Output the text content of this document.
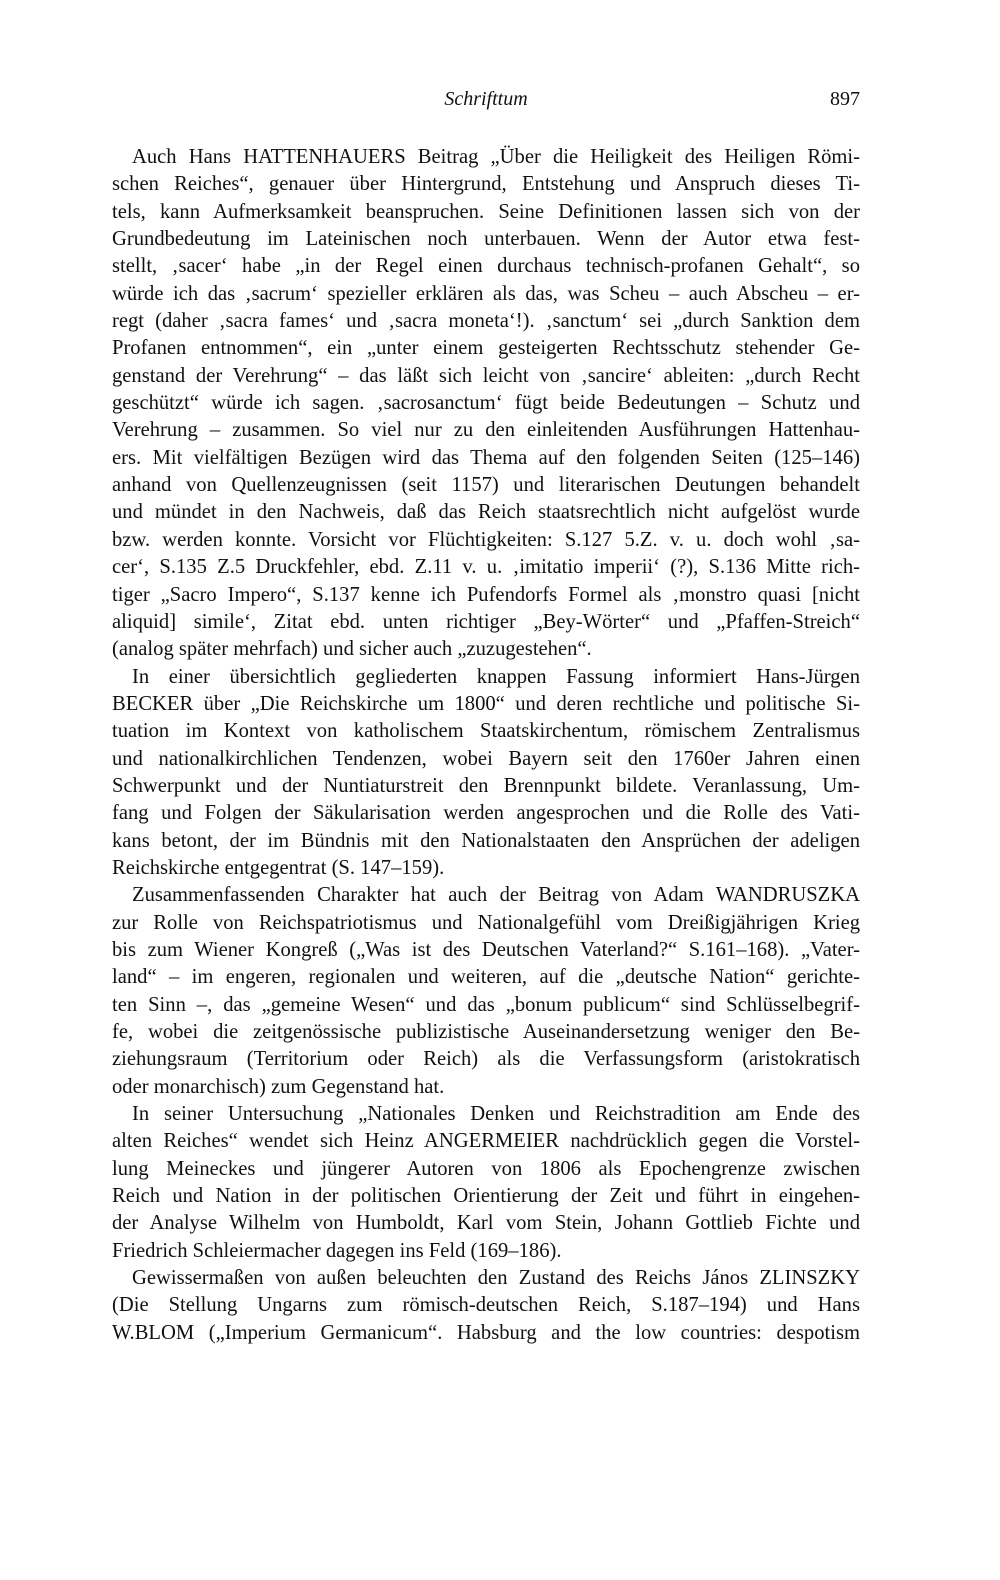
Schrifttum	897
Auch Hans HATTENHAUERS Beitrag „Über die Heiligkeit des Heiligen Römi-
schen Reiches“, genauer über Hintergrund, Entstehung und Anspruch dieses Ti-
tels, kann Aufmerksamkeit beanspruchen. Seine Definitionen lassen sich von der
Grundbedeutung im Lateinischen noch unterbauen. Wenn der Autor etwa fest-
stellt, ‚sacer‘ habe „in der Regel einen durchaus technisch-profanen Gehalt“, so
würde ich das ‚sacrum‘ spezieller erklären als das, was Scheu – auch Abscheu – er-
regt (daher ‚sacra fames‘ und ‚sacra moneta‘!). ‚sanctum‘ sei „durch Sanktion dem
Profanen entnommen“, ein „unter einem gesteigerten Rechtsschutz stehender Ge-
genstand der Verehrung“ – das läßt sich leicht von ‚sancire‘ ableiten: „durch Recht
geschützt“ würde ich sagen. ‚sacrosanctum‘ fügt beide Bedeutungen – Schutz und
Verehrung – zusammen. So viel nur zu den einleitenden Ausführungen Hattenhau-
ers. Mit vielfältigen Bezügen wird das Thema auf den folgenden Seiten (125–146)
anhand von Quellenzeugnissen (seit 1157) und literarischen Deutungen behandelt
und mündet in den Nachweis, daß das Reich staatsrechtlich nicht aufgelöst wurde
bzw. werden konnte. Vorsicht vor Flüchtigkeiten: S.127 5.Z. v. u. doch wohl ‚sa-
cer‘, S.135 Z.5 Druckfehler, ebd. Z.11 v. u. ‚imitatio imperii‘ (?), S.136 Mitte rich-
tiger „Sacro Impero“, S.137 kenne ich Pufendorfs Formel als ‚monstro quasi [nicht
aliquid] simile‘, Zitat ebd. unten richtiger „Bey-Wörter“ und „Pfaffen-Streich“
(analog später mehrfach) und sicher auch „zuzugestehen“.
In einer übersichtlich gegliederten knappen Fassung informiert Hans-Jürgen
BECKER über „Die Reichskirche um 1800“ und deren rechtliche und politische Si-
tuation im Kontext von katholischem Staatskirchentum, römischem Zentralismus
und nationalkirchlichen Tendenzen, wobei Bayern seit den 1760er Jahren einen
Schwerpunkt und der Nuntiaturstreit den Brennpunkt bildete. Veranlassung, Um-
fang und Folgen der Säkularisation werden angesprochen und die Rolle des Vati-
kans betont, der im Bündnis mit den Nationalstaaten den Ansprüchen der adeligen
Reichskirche entgegentrat (S. 147–159).
Zusammenfassenden Charakter hat auch der Beitrag von Adam WANDRUSZKA
zur Rolle von Reichspatriotismus und Nationalgefühl vom Dreißigjährigen Krieg
bis zum Wiener Kongreß („Was ist des Deutschen Vaterland?“ S.161–168). „Vater-
land“ – im engeren, regionalen und weiteren, auf die „deutsche Nation“ gerichte-
ten Sinn –, das „gemeine Wesen“ und das „bonum publicum“ sind Schlüsselbegrif-
fe, wobei die zeitgenössische publizistische Auseinandersetzung weniger den Be-
ziehungsraum (Territorium oder Reich) als die Verfassungsform (aristokratisch
oder monarchisch) zum Gegenstand hat.
In seiner Untersuchung „Nationales Denken und Reichstradition am Ende des
alten Reiches“ wendet sich Heinz ANGERMEIER nachdrücklich gegen die Vorstel-
lung Meineckes und jüngerer Autoren von 1806 als Epochengrenze zwischen
Reich und Nation in der politischen Orientierung der Zeit und führt in eingehen-
der Analyse Wilhelm von Humboldt, Karl vom Stein, Johann Gottlieb Fichte und
Friedrich Schleiermacher dagegen ins Feld (169–186).
Gewissermaßen von außen beleuchten den Zustand des Reichs János ZLINSZKY
(Die Stellung Ungarns zum römisch-deutschen Reich, S.187–194) und Hans
W.BLOM („Imperium Germanicum“. Habsburg and the low countries: despotism
